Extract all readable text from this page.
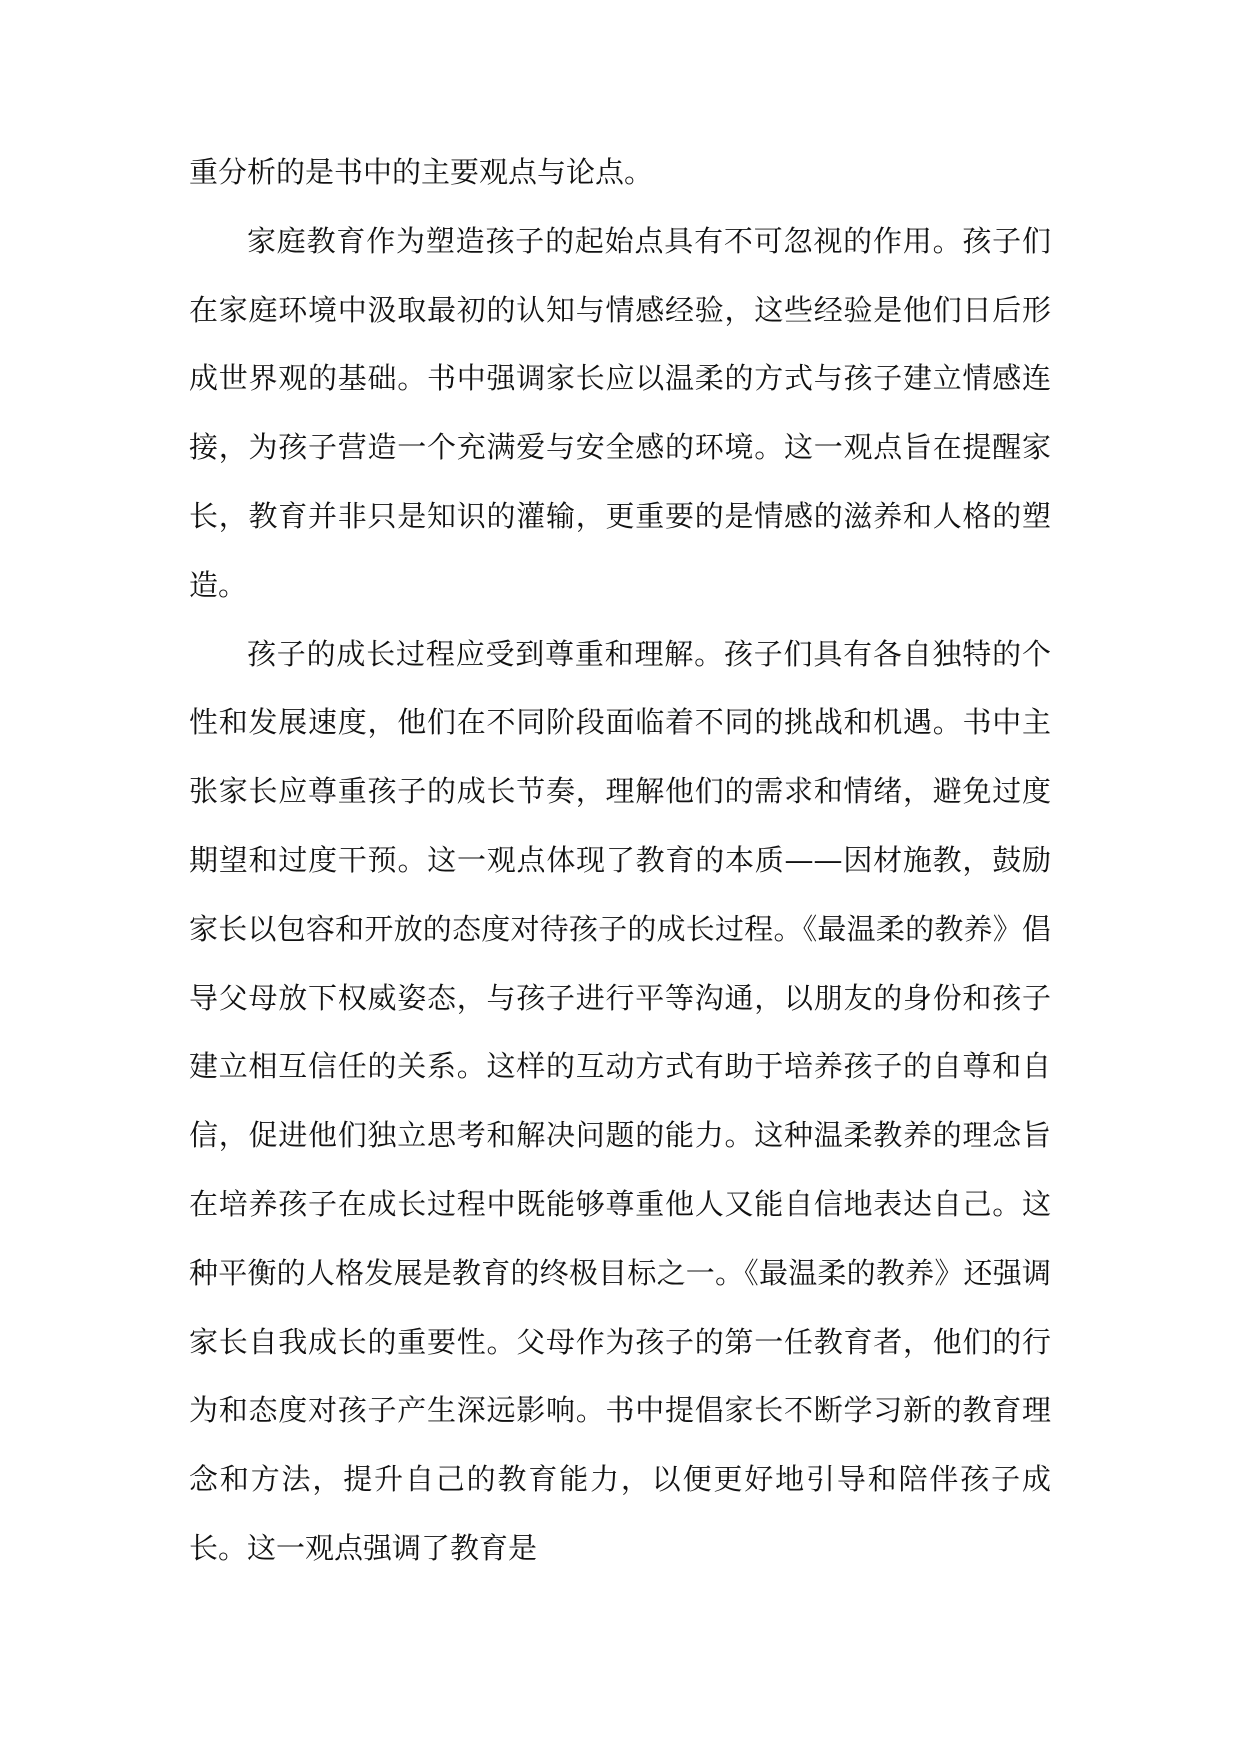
重分析的是书中的主要观点与论点。

家庭教育作为塑造孩子的起始点具有不可忽视的作用。孩子们在家庭环境中汲取最初的认知与情感经验，这些经验是他们日后形成世界观的基础。书中强调家长应以温柔的方式与孩子建立情感连接，为孩子营造一个充满爱与安全感的环境。这一观点旨在提醒家长，教育并非只是知识的灌输，更重要的是情感的滋养和人格的塑造。

孩子的成长过程应受到尊重和理解。孩子们具有各自独特的个性和发展速度，他们在不同阶段面临着不同的挑战和机遇。书中主张家长应尊重孩子的成长节奏，理解他们的需求和情绪，避免过度期望和过度干预。这一观点体现了教育的本质——因材施教，鼓励家长以包容和开放的态度对待孩子的成长过程。《最温柔的教养》倡导父母放下权威姿态，与孩子进行平等沟通，以朋友的身份和孩子建立相互信任的关系。这样的互动方式有助于培养孩子的自尊和自信，促进他们独立思考和解决问题的能力。这种温柔教养的理念旨在培养孩子在成长过程中既能够尊重他人又能自信地表达自己。这种平衡的人格发展是教育的终极目标之一。《最温柔的教养》还强调家长自我成长的重要性。父母作为孩子的第一任教育者，他们的行为和态度对孩子产生深远影响。书中提倡家长不断学习新的教育理念和方法，提升自己的教育能力，以便更好地引导和陪伴孩子成长。这一观点强调了教育是
